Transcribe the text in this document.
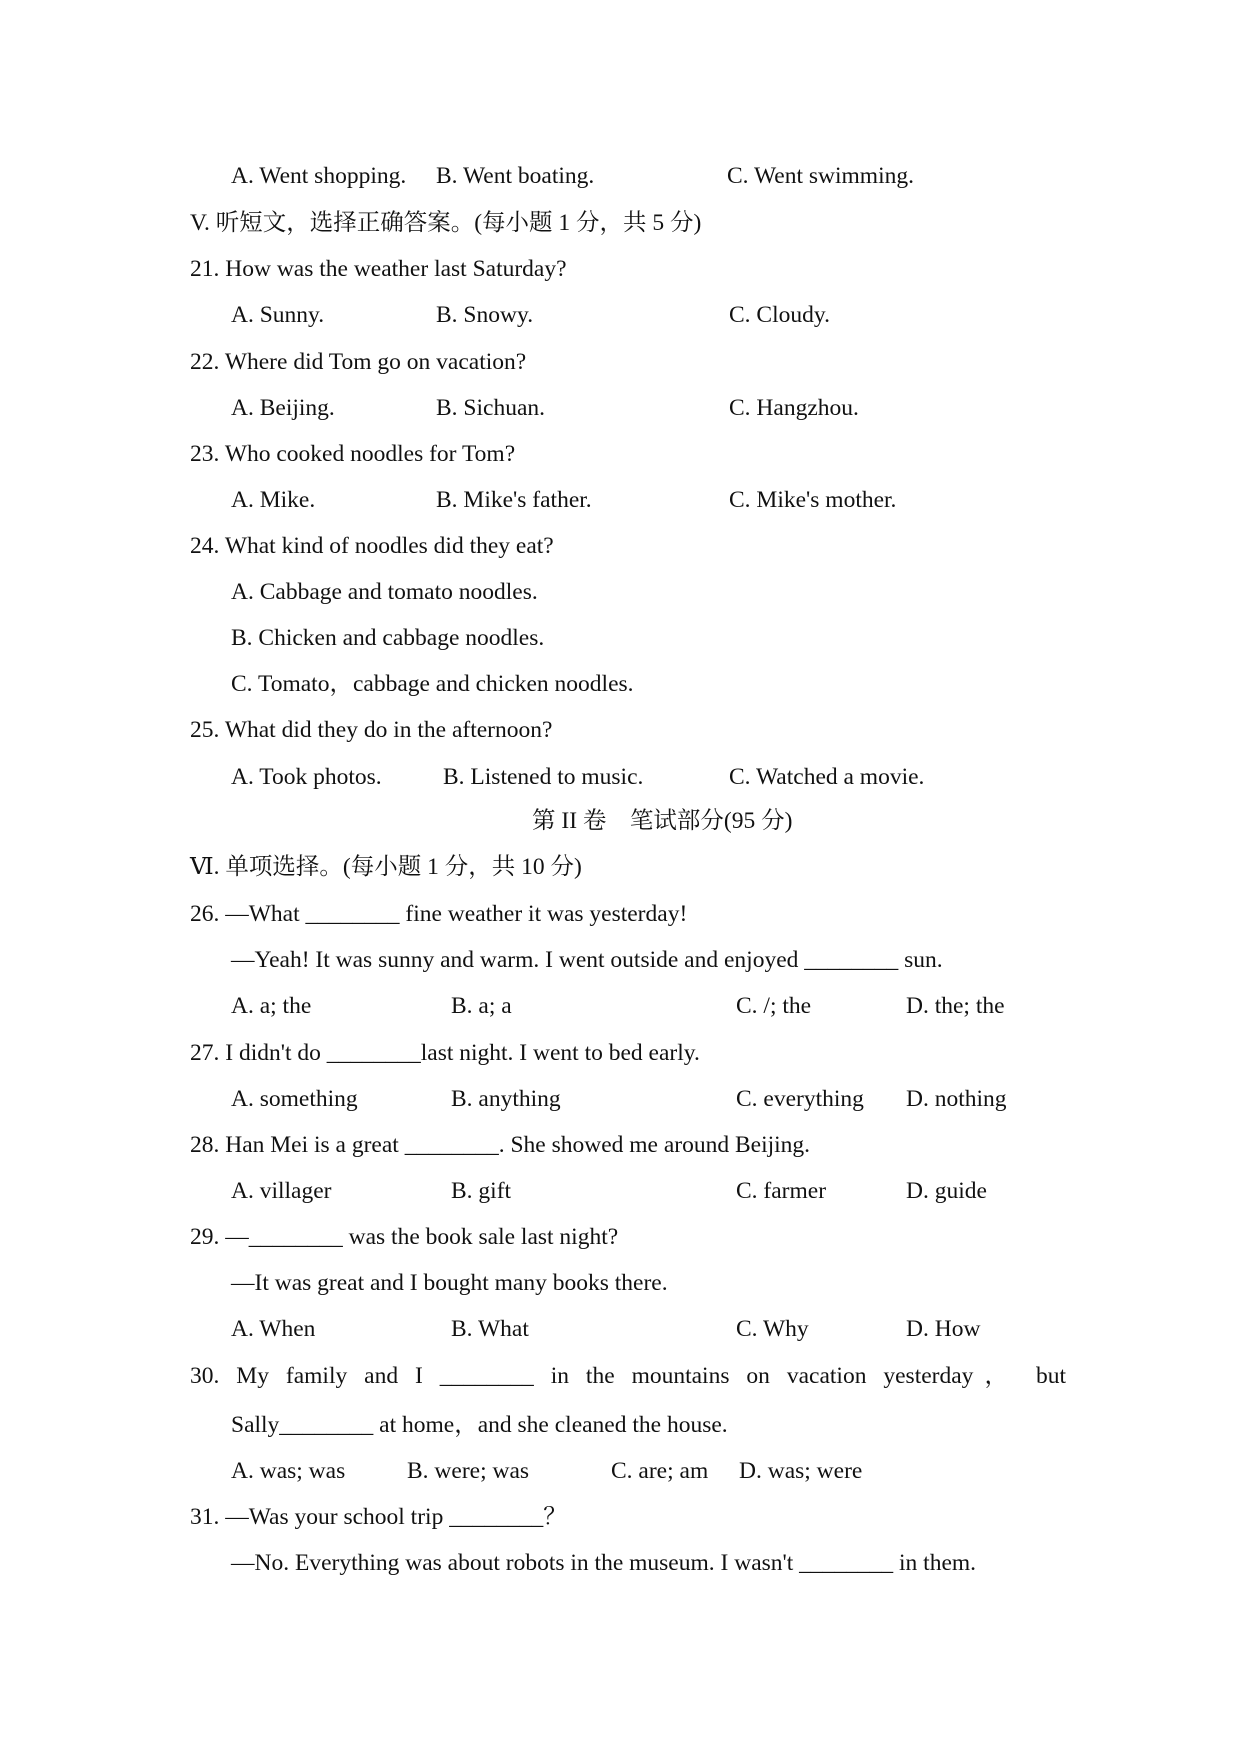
A. Went shopping. B. Went boating.	C. Went swimming.
V. 听短文，选择正确答案。(每小题 1 分，共 5 分)
21. How was the weather last Saturday?
A. Sunny.	B. Snowy.	C. Cloudy.
22. Where did Tom go on vacation?
A. Beijing.	B. Sichuan.	C. Hangzhou.
23. Who cooked noodles for Tom?
A. Mike.	B. Mike's father.	C. Mike's mother.
24. What kind of noodles did they eat?
A. Cabbage and tomato noodles.
B. Chicken and cabbage noodles.
C. Tomato，cabbage and chicken noodles.
25. What did they do in the afternoon?
A. Took photos.	B. Listened to music.	C. Watched a movie.
第 II 卷　笔试部分(95 分)
Ⅵ. 单项选择。(每小题 1 分，共 10 分)
26. —What ________ fine weather it was yesterday!
—Yeah! It was sunny and warm. I went outside and enjoyed ________ sun.
A. a; the	B. a; a	C. /; the	D. the; the
27. I didn't do ________last night. I went to bed early.
A. something	B. anything	C. everything D. nothing
28. Han Mei is a great ________. She showed me around Beijing.
A. villager	B. gift	C. farmer	D. guide
29. —________ was the book sale last night?
—It was great and I bought many books there.
A. When	B. What	C. Why	D. How
30. My family and I ________ in the mountains on vacation yesterday， but
Sally________ at home，and she cleaned the house.
A. was; was	B. were; was	C. are; am D. was; were
31. —Was your school trip ________？
—No. Everything was about robots in the museum. I wasn't ________ in them.
